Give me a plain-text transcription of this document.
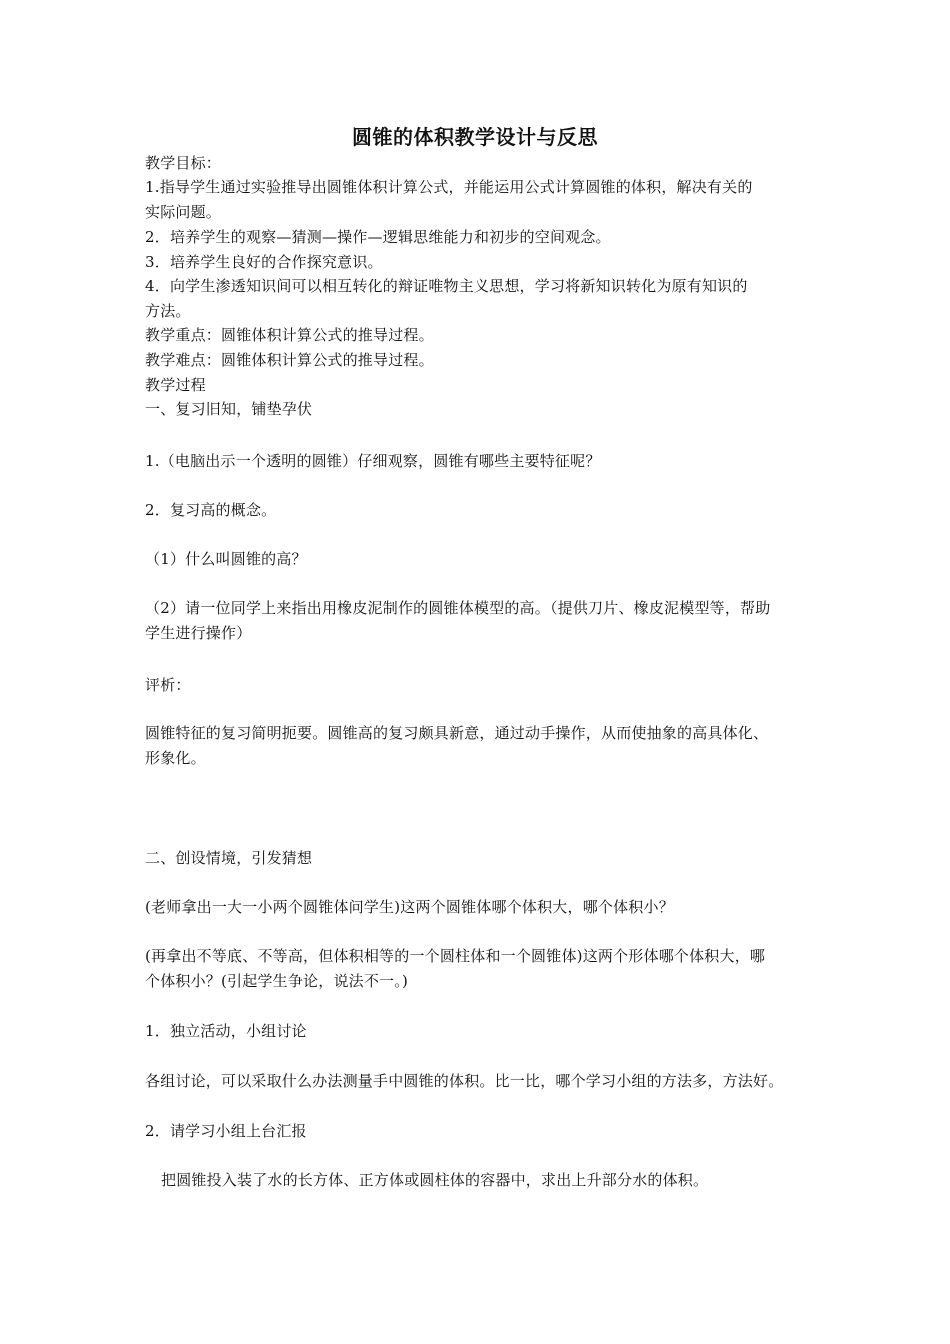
圆锥的体积教学设计与反思
教学目标：
1.指导学生通过实验推导出圆锥体积计算公式，并能运用公式计算圆锥的体积，解决有关的
实际问题。
2．培养学生的观察—猜测—操作—逻辑思维能力和初步的空间观念。
3．培养学生良好的合作探究意识。
4．向学生渗透知识间可以相互转化的辩证唯物主义思想，学习将新知识转化为原有知识的
方法。
教学重点：圆锥体积计算公式的推导过程。
教学难点：圆锥体积计算公式的推导过程。
教学过程
一、复习旧知，铺垫孕伏
1.（电脑出示一个透明的圆锥）仔细观察，圆锥有哪些主要特征呢？
2．复习高的概念。
（1）什么叫圆锥的高？
（2）请一位同学上来指出用橡皮泥制作的圆锥体模型的高。（提供刀片、橡皮泥模型等，帮助
学生进行操作）
评析：
圆锥特征的复习简明扼要。圆锥高的复习颇具新意，通过动手操作，从而使抽象的高具体化、
形象化。
二、创设情境，引发猜想
(老师拿出一大一小两个圆锥体问学生)这两个圆锥体哪个体积大，哪个体积小？
(再拿出不等底、不等高，但体积相等的一个圆柱体和一个圆锥体)这两个形体哪个体积大，哪
个体积小？(引起学生争论，说法不一。)
1．独立活动，小组讨论
各组讨论，可以采取什么办法测量手中圆锥的体积。比一比，哪个学习小组的方法多，方法好。
2．请学习小组上台汇报
把圆锥投入装了水的长方体、正方体或圆柱体的容器中，求出上升部分水的体积。
